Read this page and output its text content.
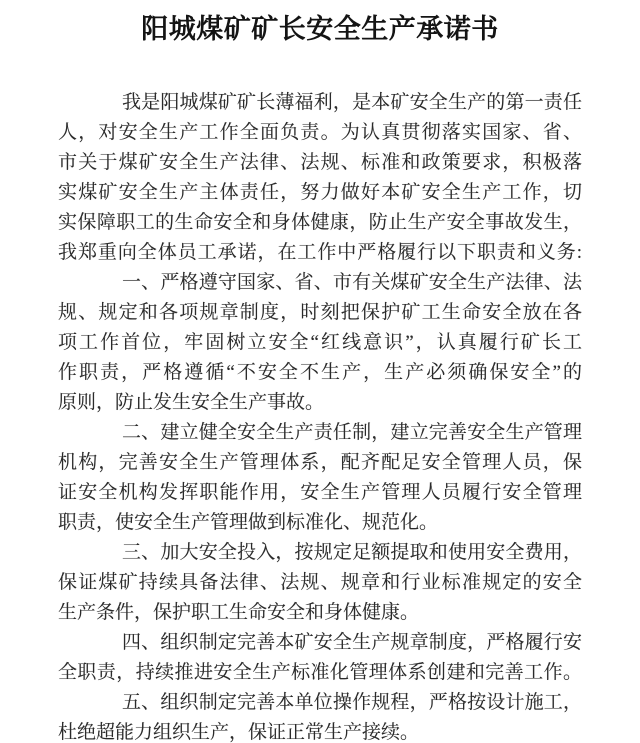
阳城煤矿矿长安全生产承诺书
我是阳城煤矿矿长薄福利，是本矿安全生产的第一责任
人，对安全生产工作全面负责。为认真贯彻落实国家、省、
市关于煤矿安全生产法律、法规、标准和政策要求，积极落
实煤矿安全生产主体责任，努力做好本矿安全生产工作，切
实保障职工的生命安全和身体健康，防止生产安全事故发生，
我郑重向全体员工承诺，在工作中严格履行以下职责和义务:
一、严格遵守国家、省、市有关煤矿安全生产法律、法
规、规定和各项规章制度，时刻把保护矿工生命安全放在各
项工作首位，牢固树立安全“红线意识”，认真履行矿长工
作职责，严格遵循“不安全不生产，生产必须确保安全”的
原则，防止发生安全生产事故。
二、建立健全安全生产责任制，建立完善安全生产管理
机构，完善安全生产管理体系，配齐配足安全管理人员，保
证安全机构发挥职能作用，安全生产管理人员履行安全管理
职责，使安全生产管理做到标准化、规范化。
三、加大安全投入，按规定足额提取和使用安全费用，
保证煤矿持续具备法律、法规、规章和行业标准规定的安全
生产条件，保护职工生命安全和身体健康。
四、组织制定完善本矿安全生产规章制度，严格履行安
全职责，持续推进安全生产标准化管理体系创建和完善工作。
五、组织制定完善本单位操作规程，严格按设计施工，
杜绝超能力组织生产，保证正常生产接续。
